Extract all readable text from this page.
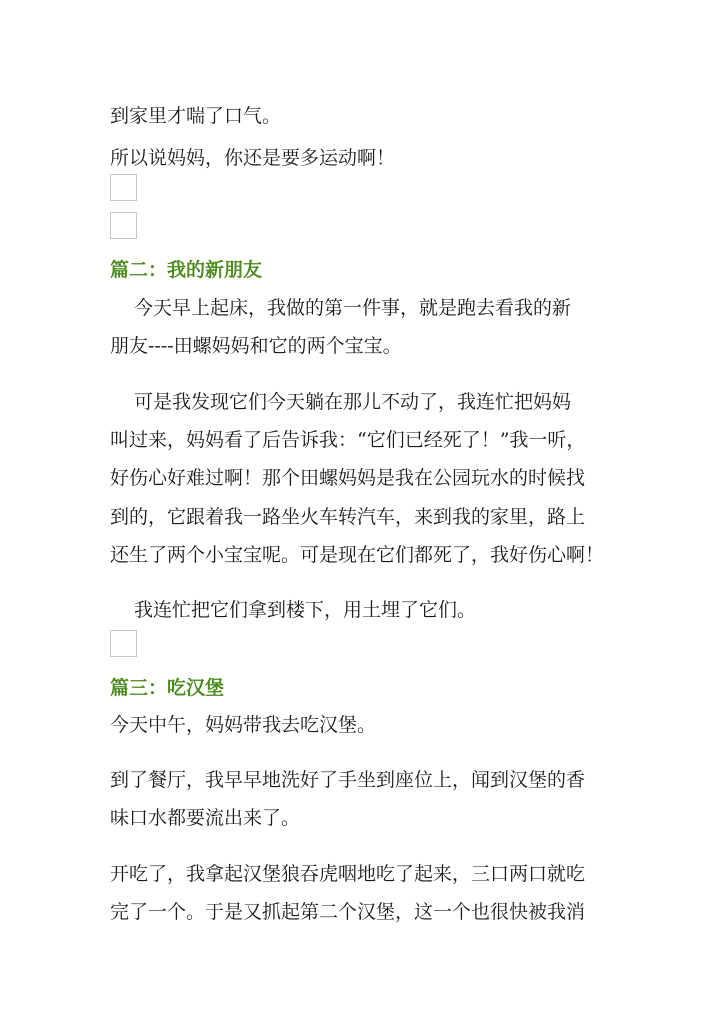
到家里才喘了口气。
所以说妈妈，你还是要多运动啊！
篇二：我的新朋友
今天早上起床，我做的第一件事，就是跑去看我的新
朋友----田螺妈妈和它的两个宝宝。
可是我发现它们今天躺在那儿不动了，我连忙把妈妈
叫过来，妈妈看了后告诉我：“它们已经死了！”我一听，
好伤心好难过啊！那个田螺妈妈是我在公园玩水的时候找
到的，它跟着我一路坐火车转汽车，来到我的家里，路上
还生了两个小宝宝呢。可是现在它们都死了，我好伤心啊！
我连忙把它们拿到楼下，用土埋了它们。
篇三：吃汉堡
今天中午，妈妈带我去吃汉堡。
到了餐厅，我早早地洗好了手坐到座位上，闻到汉堡的香
味口水都要流出来了。
开吃了，我拿起汉堡狼吞虎咽地吃了起来，三口两口就吃
完了一个。于是又抓起第二个汉堡，这一个也很快被我消
